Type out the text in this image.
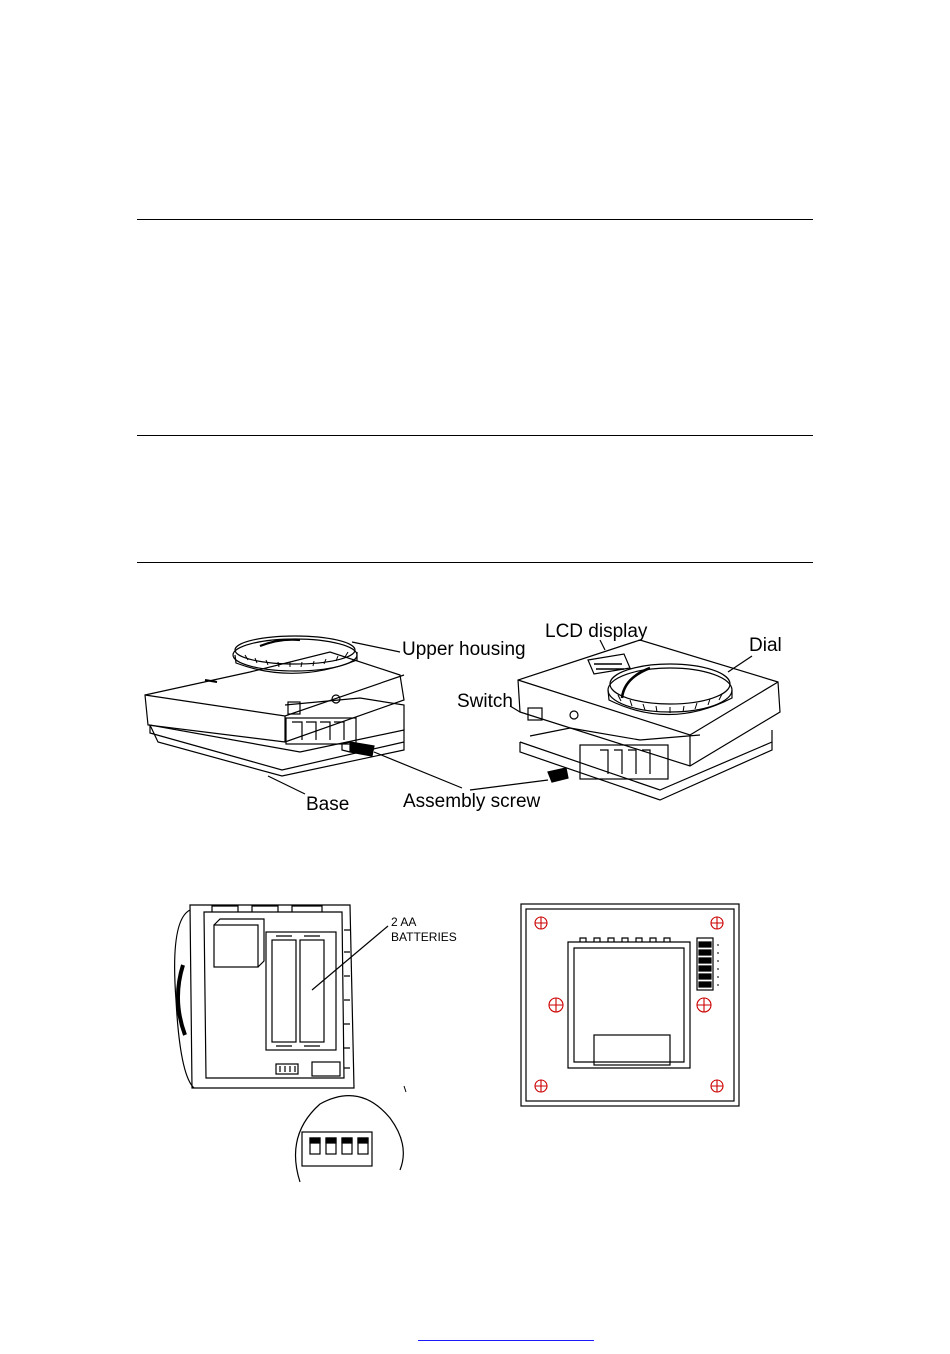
Upper housing
Base	Assembly screw
LCD display
Dial
Switch
2 AA
BATTERIES
